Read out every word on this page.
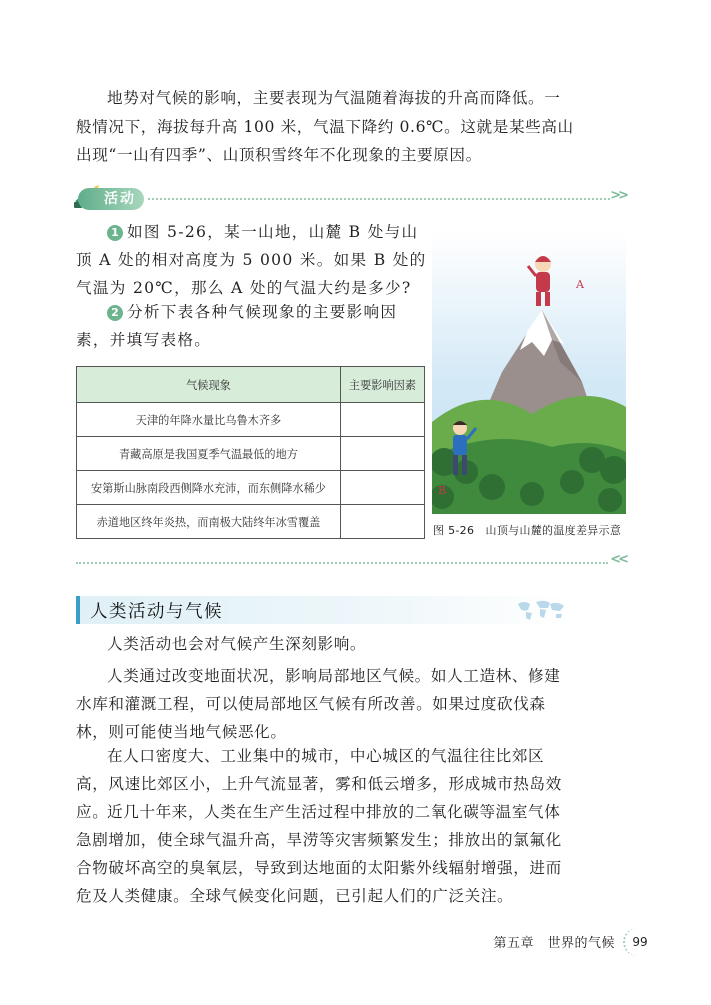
地势对气候的影响，主要表现为气温随着海拔的升高而降低。一般情况下，海拔每升高 100 米，气温下降约 0.6℃。这就是某些高山出现“一山有四季”、山顶积雪终年不化现象的主要原因。

活动	>>

1 如图 5-26，某一山地，山麓 B 处与山顶 A 处的相对高度为 5 000 米。如果 B 处的气温为 20℃，那么 A 处的气温大约是多少?

2 分析下表各种气候现象的主要影响因素，并填写表格。

气候现象	主要影响因素
天津的年降水量比乌鲁木齐多	
青藏高原是我国夏季气温最低的地方	
安第斯山脉南段西侧降水充沛，而东侧降水稀少	
赤道地区终年炎热，而南极大陆终年冰雪覆盖	
A
B
图 5-26　山顶与山麓的温度差异示意
<<
人类活动与气候

人类活动也会对气候产生深刻影响。

人类通过改变地面状况，影响局部地区气候。如人工造林、修建水库和灌溉工程，可以使局部地区气候有所改善。如果过度砍伐森林，则可能使当地气候恶化。

在人口密度大、工业集中的城市，中心城区的气温往往比郊区高，风速比郊区小，上升气流显著，雾和低云增多，形成城市热岛效应。

近几十年来，人类在生产生活过程中排放的二氧化碳等温室气体急剧增加，使全球气温升高，旱涝等灾害频繁发生；排放出的氯氟化合物破坏高空的臭氧层，导致到达地面的太阳紫外线辐射增强，进而危及人类健康。全球气候变化问题，已引起人们的广泛关注。

第五章　世界的气候	99
